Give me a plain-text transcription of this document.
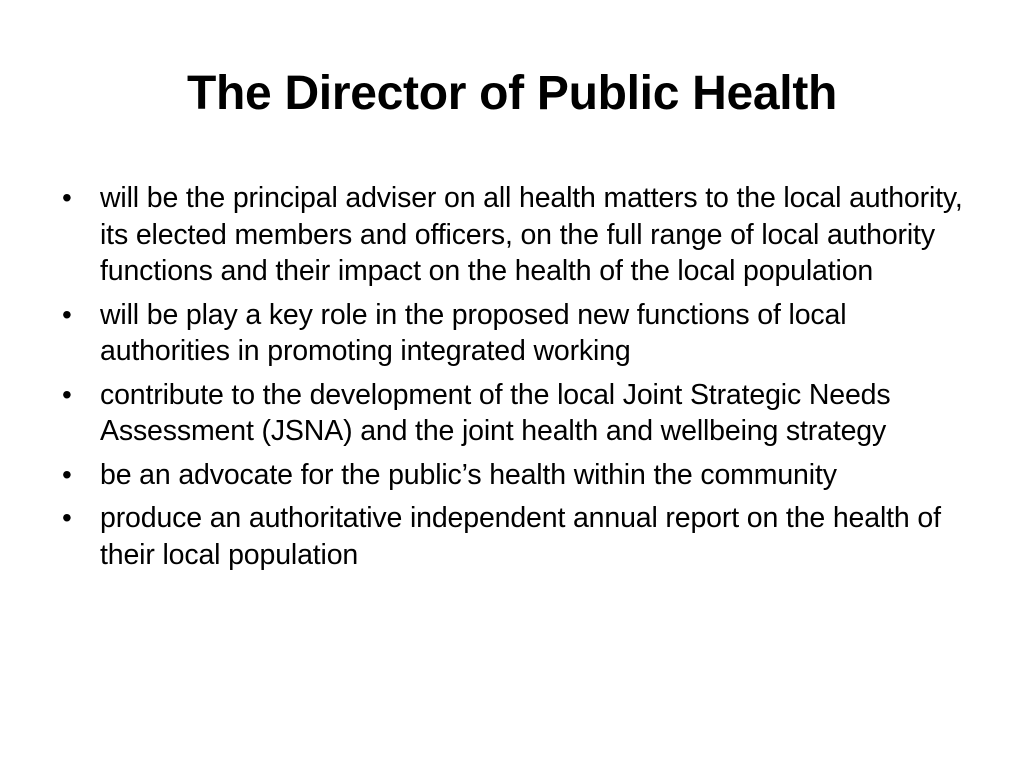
The Director of Public Health
• will be the principal adviser on all health matters to the local authority, its elected members and officers, on the full range of local authority functions and their impact on the health of the local population
• will be play a key role in the proposed new functions of local authorities in promoting integrated working
• contribute to the development of the local Joint Strategic Needs Assessment (JSNA) and the joint health and wellbeing strategy
• be an advocate for the public’s health within the community
• produce an authoritative independent annual report on the health of their local population
